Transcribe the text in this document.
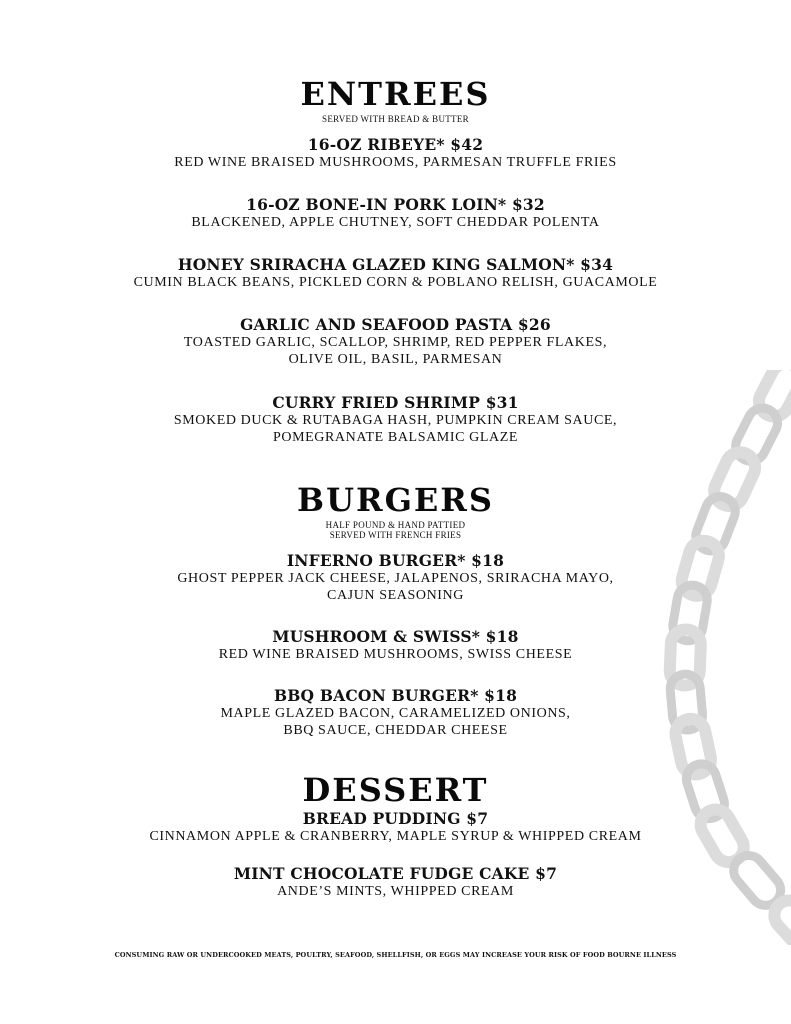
ENTREES
SERVED WITH BREAD & BUTTER
16-OZ RIBEYE* $42
RED WINE BRAISED MUSHROOMS, PARMESAN TRUFFLE FRIES
16-OZ BONE-IN PORK LOIN* $32
BLACKENED, APPLE CHUTNEY, SOFT CHEDDAR POLENTA
HONEY SRIRACHA GLAZED KING SALMON* $34
CUMIN BLACK BEANS, PICKLED CORN & POBLANO RELISH, GUACAMOLE
GARLIC AND SEAFOOD PASTA $26
TOASTED GARLIC, SCALLOP, SHRIMP, RED PEPPER FLAKES,
OLIVE OIL, BASIL, PARMESAN
CURRY FRIED SHRIMP $31
SMOKED DUCK & RUTABAGA HASH, PUMPKIN CREAM SAUCE,
POMEGRANATE BALSAMIC GLAZE
BURGERS
HALF POUND & HAND PATTIED
SERVED WITH FRENCH FRIES
INFERNO BURGER* $18
GHOST PEPPER JACK CHEESE, JALAPENOS, SRIRACHA MAYO,
CAJUN SEASONING
MUSHROOM & SWISS* $18
RED WINE BRAISED MUSHROOMS, SWISS CHEESE
BBQ BACON BURGER* $18
MAPLE GLAZED BACON, CARAMELIZED ONIONS,
BBQ SAUCE, CHEDDAR CHEESE
DESSERT
BREAD PUDDING $7
CINNAMON APPLE & CRANBERRY, MAPLE SYRUP & WHIPPED CREAM
MINT CHOCOLATE FUDGE CAKE $7
ANDE’S MINTS, WHIPPED CREAM
CONSUMING RAW OR UNDERCOOKED MEATS, POULTRY, SEAFOOD, SHELLFISH, OR EGGS MAY INCREASE YOUR RISK OF FOOD BOURNE ILLNESS
